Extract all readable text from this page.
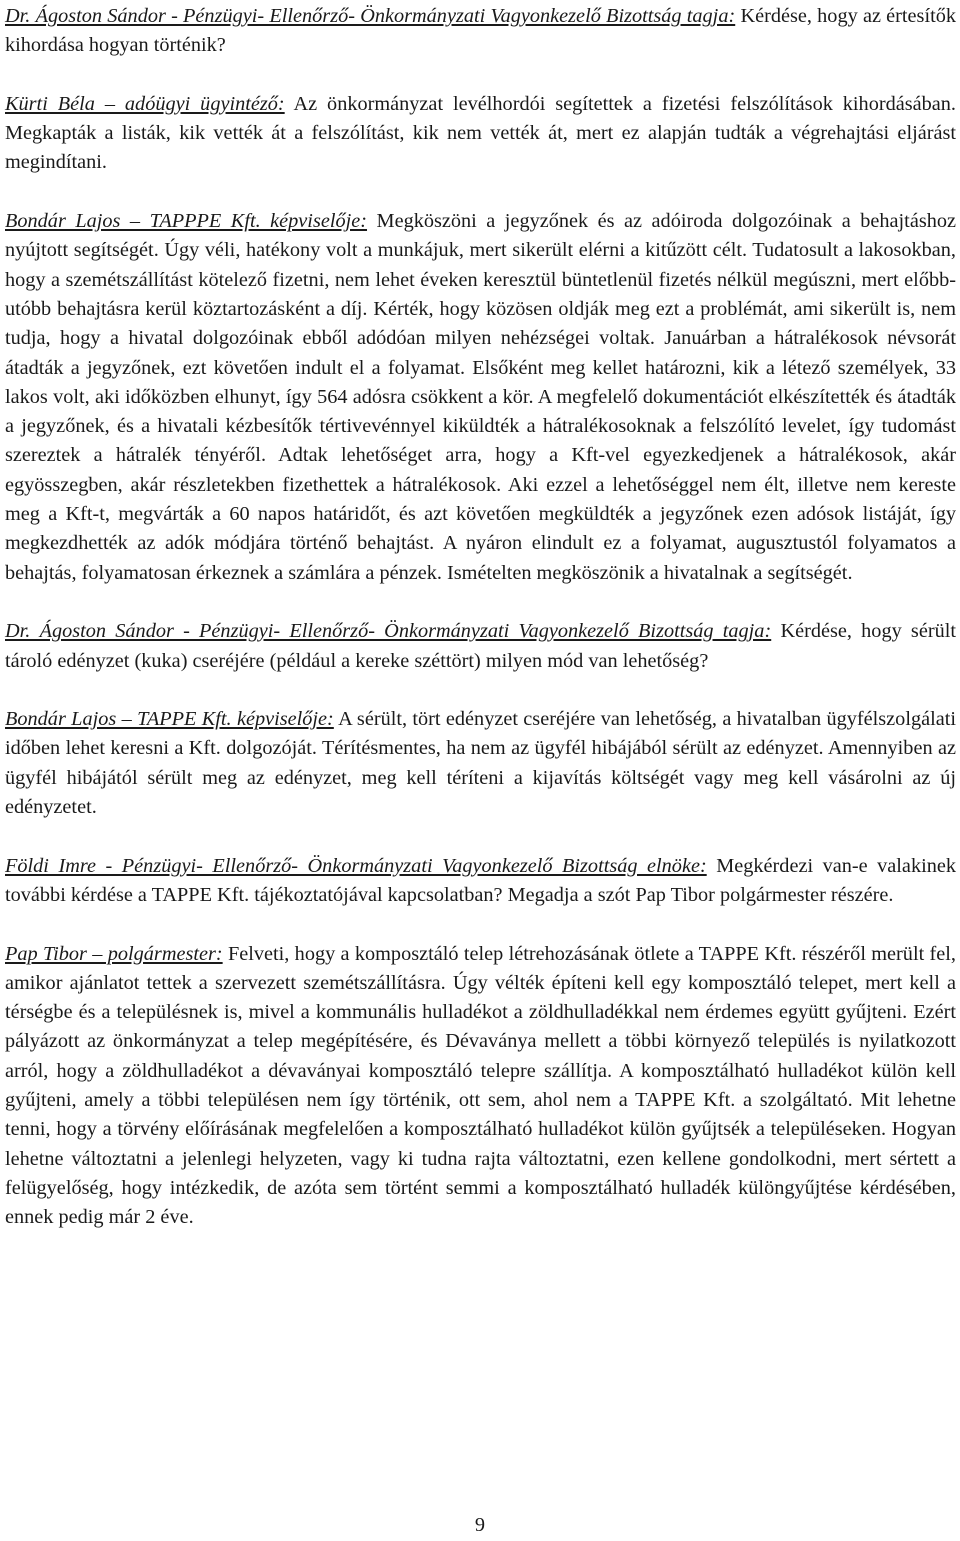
Dr. Ágoston Sándor - Pénzügyi- Ellenőrző- Önkormányzati Vagyonkezelő Bizottság tagja: Kérdése, hogy az értesítők kihordása hogyan történik?

Kürti Béla – adóügyi ügyintéző: Az önkormányzat levélhordói segítettek a fizetési felszólítások kihordásában. Megkapták a listák, kik vették át a felszólítást, kik nem vették át, mert ez alapján tudták a végrehajtási eljárást megindítani.

Bondár Lajos – TAPPPE Kft. képviselője: Megköszöni a jegyzőnek és az adóiroda dolgozóinak a behajtáshoz nyújtott segítségét. Úgy véli, hatékony volt a munkájuk, mert sikerült elérni a kitűzött célt. Tudatosult a lakosokban, hogy a szemétszállítást kötelező fizetni, nem lehet éveken keresztül büntetlenül fizetés nélkül megúszni, mert előbb-utóbb behajtásra kerül köztartozásként a díj. Kérték, hogy közösen oldják meg ezt a problémát, ami sikerült is, nem tudja, hogy a hivatal dolgozóinak ebből adódóan milyen nehézségei voltak. Januárban a hátralékosok névsorát átadták a jegyzőnek, ezt követően indult el a folyamat. Elsőként meg kellet határozni, kik a létező személyek, 33 lakos volt, aki időközben elhunyt, így 564 adósra csökkent a kör. A megfelelő dokumentációt elkészítették és átadták a jegyzőnek, és a hivatali kézbesítők tértivevénnyel kiküldték a hátralékosoknak a felszólító levelet, így tudomást szereztek a hátralék tényéről. Adtak lehetőséget arra, hogy a Kft-vel egyezkedjenek a hátralékosok, akár egyösszegben, akár részletekben fizethettek a hátralékosok. Aki ezzel a lehetőséggel nem élt, illetve nem kereste meg a Kft-t, megvárták a 60 napos határidőt, és azt követően megküldték a jegyzőnek ezen adósok listáját, így megkezdhették az adók módjára történő behajtást. A nyáron elindult ez a folyamat, augusztustól folyamatos a behajtás, folyamatosan érkeznek a számlára a pénzek. Ismételten megköszönik a hivatalnak a segítségét.

Dr. Ágoston Sándor - Pénzügyi- Ellenőrző- Önkormányzati Vagyonkezelő Bizottság tagja: Kérdése, hogy sérült tároló edényzet (kuka) cseréjére (például a kereke széttört) milyen mód van lehetőség?

Bondár Lajos – TAPPE Kft. képviselője: A sérült, tört edényzet cseréjére van lehetőség, a hivatalban ügyfélszolgálati időben lehet keresni a Kft. dolgozóját. Térítésmentes, ha nem az ügyfél hibájából sérült az edényzet. Amennyiben az ügyfél hibájától sérült meg az edényzet, meg kell téríteni a kijavítás költségét vagy meg kell vásárolni az új edényzetet.

Földi Imre - Pénzügyi- Ellenőrző- Önkormányzati Vagyonkezelő Bizottság elnöke: Megkérdezi van-e valakinek további kérdése a TAPPE Kft. tájékoztatójával kapcsolatban? Megadja a szót Pap Tibor polgármester részére.

Pap Tibor – polgármester: Felveti, hogy a komposztáló telep létrehozásának ötlete a TAPPE Kft. részéről merült fel, amikor ajánlatot tettek a szervezett szemétszállításra. Úgy vélték építeni kell egy komposztáló telepet, mert kell a térségbe és a településnek is, mivel a kommunális hulladékot a zöldhulladékkal nem érdemes együtt gyűjteni. Ezért pályázott az önkormányzat a telep megépítésére, és Dévaványa mellett a többi környező település is nyilatkozott arról, hogy a zöldhulladékot a dévaványai komposztáló telepre szállítja. A komposztálható hulladékot külön kell gyűjteni, amely a többi településen nem így történik, ott sem, ahol nem a TAPPE Kft. a szolgáltató. Mit lehetne tenni, hogy a törvény előírásának megfelelően a komposztálható hulladékot külön gyűjtsék a településeken. Hogyan lehetne változtatni a jelenlegi helyzeten, vagy ki tudna rajta változtatni, ezen kellene gondolkodni, mert sértett a felügyelőség, hogy intézkedik, de azóta sem történt semmi a komposztálható hulladék különgyűjtése kérdésében, ennek pedig már 2 éve.

9
